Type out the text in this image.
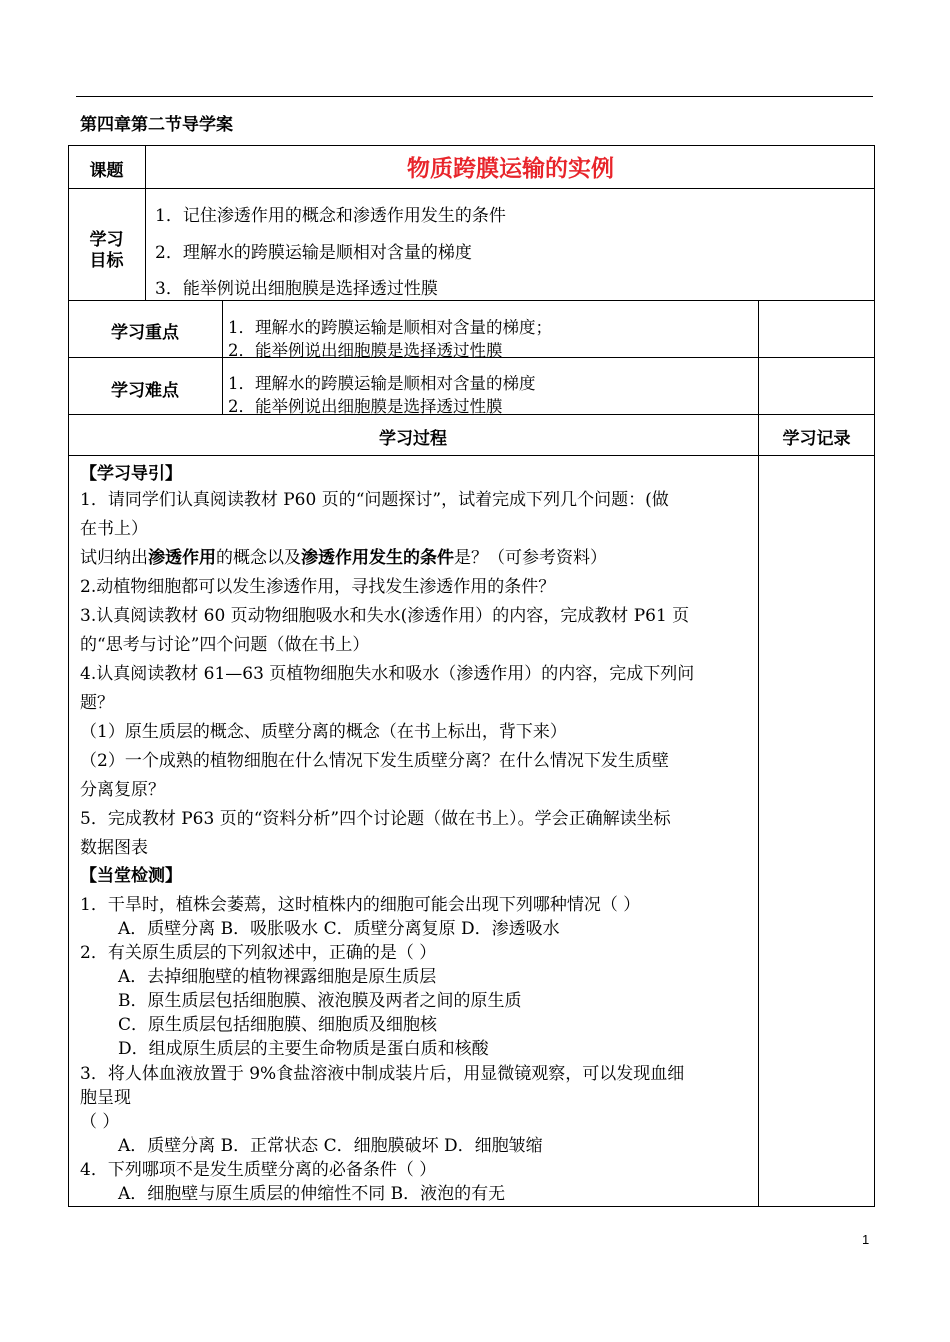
第四章第二节导学案
课题	物质跨膜运输的实例
学习
目标
1．记住渗透作用的概念和渗透作用发生的条件
2．理解水的跨膜运输是顺相对含量的梯度
3．能举例说出细胞膜是选择透过性膜
学习重点	1．理解水的跨膜运输是顺相对含量的梯度；
2．能举例说出细胞膜是选择透过性膜
学习难点	1．理解水的跨膜运输是顺相对含量的梯度
2．能举例说出细胞膜是选择透过性膜
学习过程	学习记录
【学习导引】
1．请同学们认真阅读教材 P60 页的“问题探讨”，试着完成下列几个问题：(做
在书上）
试归纳出渗透作用的概念以及渗透作用发生的条件是？（可参考资料）
2.动植物细胞都可以发生渗透作用，寻找发生渗透作用的条件？
3.认真阅读教材 60 页动物细胞吸水和失水(渗透作用）的内容，完成教材 P61 页
的“思考与讨论”四个问题（做在书上）
4.认真阅读教材 61—63 页植物细胞失水和吸水（渗透作用）的内容，完成下列问
题？
（1）原生质层的概念、质壁分离的概念（在书上标出，背下来）
（2）一个成熟的植物细胞在什么情况下发生质壁分离？在什么情况下发生质壁
分离复原？
5．完成教材 P63 页的“资料分析”四个讨论题（做在书上）。学会正确解读坐标
数据图表
【当堂检测】
1．干旱时，植株会萎蔫，这时植株内的细胞可能会出现下列哪种情况（ ）
A．质壁分离 B．吸胀吸水 C．质壁分离复原 D．渗透吸水
2．有关原生质层的下列叙述中，正确的是（ ）
A．去掉细胞壁的植物裸露细胞是原生质层
B．原生质层包括细胞膜、液泡膜及两者之间的原生质
C．原生质层包括细胞膜、细胞质及细胞核
D．组成原生质层的主要生命物质是蛋白质和核酸
3．将人体血液放置于 9%食盐溶液中制成装片后，用显微镜观察，可以发现血细
胞呈现
（ ）
A．质壁分离 B．正常状态 C．细胞膜破坏 D．细胞皱缩
4．下列哪项不是发生质壁分离的必备条件（ ）
A．细胞壁与原生质层的伸缩性不同 B．液泡的有无
1
